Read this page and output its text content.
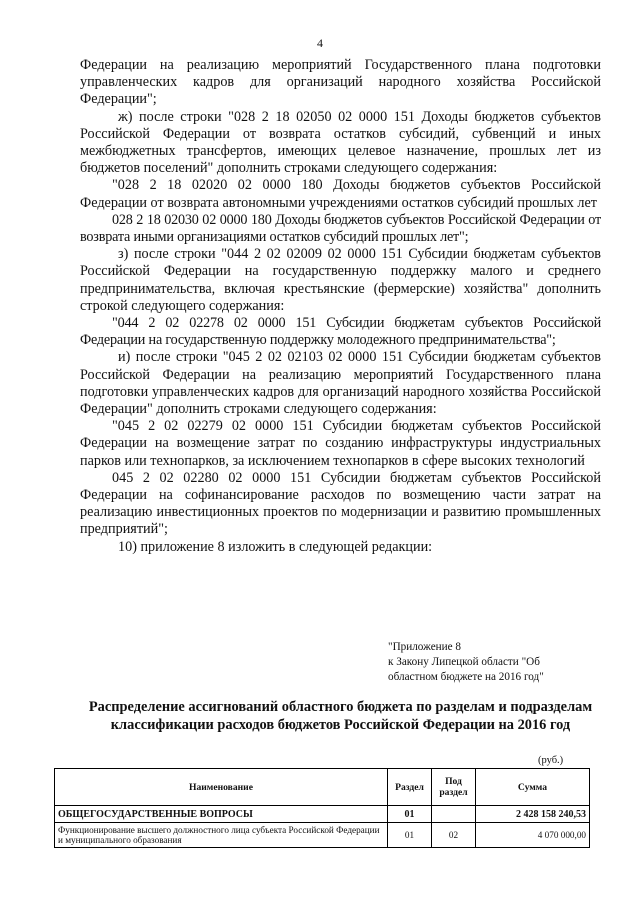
4

Федерации на реализацию мероприятий Государственного плана подготовки управленческих кадров для организаций народного хозяйства Российской Федерации";

ж) после строки "028 2 18 02050 02 0000 151 Доходы бюджетов субъектов Российской Федерации от возврата остатков субсидий, субвенций и иных межбюджетных трансфертов, имеющих целевое назначение, прошлых лет из бюджетов поселений" дополнить строками следующего содержания:

"028 2 18 02020 02 0000 180 Доходы бюджетов субъектов Российской Федерации от возврата автономными учреждениями остатков субсидий прошлых лет

028 2 18 02030 02 0000 180 Доходы бюджетов субъектов Российской Федерации от возврата иными организациями остатков субсидий прошлых лет";

з) после строки "044 2 02 02009 02 0000 151 Субсидии бюджетам субъектов Российской Федерации на государственную поддержку малого и среднего предпринимательства, включая крестьянские (фермерские) хозяйства" дополнить строкой следующего содержания:

"044 2 02 02278 02 0000 151 Субсидии бюджетам субъектов Российской Федерации на государственную поддержку молодежного предпринимательства";

и) после строки "045 2 02 02103 02 0000 151 Субсидии бюджетам субъектов Российской Федерации на реализацию мероприятий Государственного плана подготовки управленческих кадров для организаций народного хозяйства Российской Федерации" дополнить строками следующего содержания:

"045 2 02 02279 02 0000 151 Субсидии бюджетам субъектов Российской Федерации на возмещение затрат по созданию инфраструктуры индустриальных парков или технопарков, за исключением технопарков в сфере высоких технологий

045 2 02 02280 02 0000 151 Субсидии бюджетам субъектов Российской Федерации на софинансирование расходов по возмещению части затрат на реализацию инвестиционных проектов по модернизации и развитию промышленных предприятий";

10) приложение 8 изложить в следующей редакции:

"Приложение 8
к Закону Липецкой области "Об
областном бюджете на 2016 год"
Распределение ассигнований областного бюджета по разделам и подразделам классификации расходов бюджетов Российской Федерации на 2016 год
(руб.)
Наименование	Раздел	Под раздел	Сумма
ОБЩЕГОСУДАРСТВЕННЫЕ ВОПРОСЫ	01		2 428 158 240,53
Функционирование высшего должностного лица субъекта Российской Федерации и муниципального образования	01	02	4 070 000,00
